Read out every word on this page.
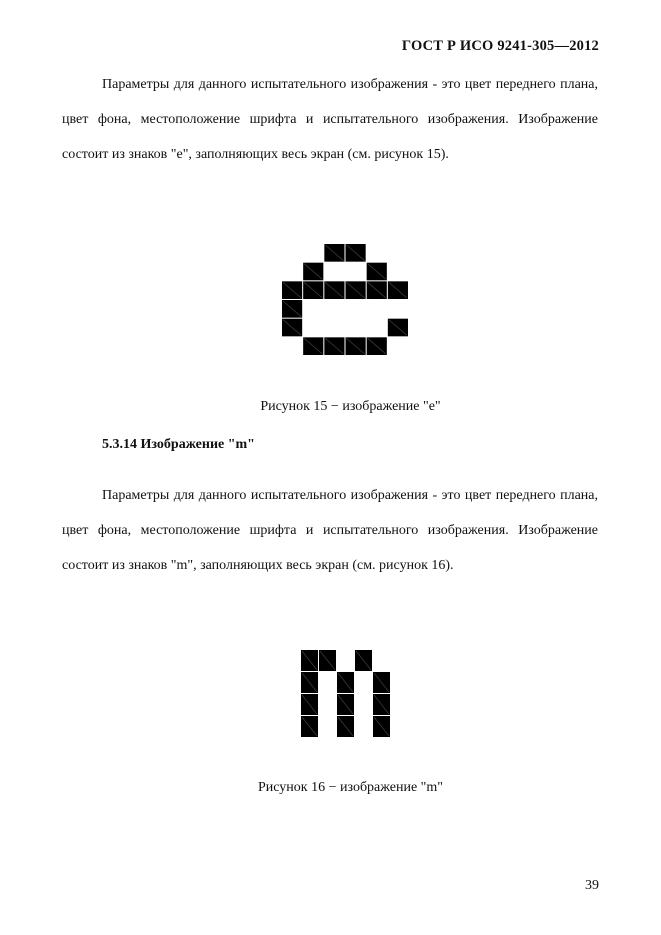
ГОСТ Р ИСО 9241-305—2012

Параметры для данного испытательного изображения - это цвет переднего плана, цвет фона, местоположение шрифта и испытательного изображения. Изображение состоит из знаков "е", заполняющих весь экран (см. рисунок 15).

Рисунок 15 − изображение "е"
5.3.14 Изображение "m"

Параметры для данного испытательного изображения - это цвет переднего плана, цвет фона, местоположение шрифта и испытательного изображения. Изображение состоит из знаков "m", заполняющих весь экран (см. рисунок 16).

Рисунок 16 − изображение "m"
39
